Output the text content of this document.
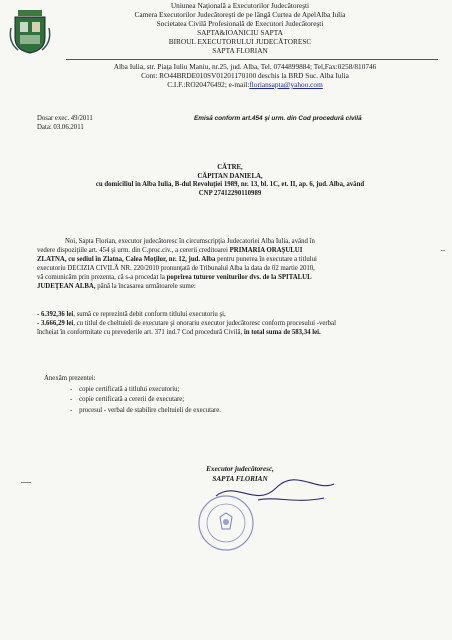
Uniunea Naţională a Executorilor Judecătoreşti
Camera Executorilor Judecătoreşti de pe lângă Curtea de ApelAlba Iulia
Societatea Civilă Profesională de Executori Judecătoreşti
SAPTA&IOANICIU SAPTA
BIROUL EXECUTORULUI JUDECĂTORESC
SAPTA FLORIAN
Alba Iulia, str. Piaţa Iuliu Maniu, nr.25, jud. Alba, Tel. 0744899884; Tel,Fax:0258/810746
Cont: RO44BRDE010SV01201170100 deschis la BRD Suc. Alba Iulia
C.I.F.:RO20476492; e-mail:floriansapta@yahoo.com
Dosar exec. 49/2011
Data: 03.06.2011
Emisă conform art.454 şi urm. din Cod procedură civilă
CĂTRE,
CĂPITAN DANIELA,
cu domiciliul în Alba Iulia, B-dul Revoluţiei 1989, nr. 13, bl. 1C, et. II, ap. 6, jud. Alba, având
CNP 27412290110989
Noi, Sapta Florian, executor judecătoresc în circumscripţia Judecatoriei Alba Iulia, având în
vedere dispoziţiile art. 454 şi urm. din C.proc.civ., a cererii creditoarei PRIMARIA ORAŞULUI
ZLATNA, cu sediul în Zlatna, Calea Moţilor, nr. 12, jud. Alba pentru punerea în executare a titlului
executoriu DECIZIA CIVILĂ NR. 220/2010 pronunţată de Tribunalul Alba la data de 02 martie 2010,
vă comunicăm prin prezenta, că s-a procedat la poprirea tuturor veniturilor dvs. de la SPITALUL
JUDEŢEAN ALBA, până la încasarea următoarele sume:
- 6.392,36 lei, sumă ce reprezintă debit conform titlului executoriu şi,
- 3.666,29 lei, cu titlul de cheltuieli de executare şi onorariu executor judecătoresc conform procesului -verbal
încheiat în conformitate cu prevederile art. 371 ind.7 Cod procedură Civilă, în total suma de 583,34 lei.
Anexăm prezentei:
-    copie certificată a titlului executoriu;
-    copie certificată a cererii de executare;
-    procesul - verbal de stabilire cheltuieli de executare.
Executor judecătoresc,
SAPTA FLORIAN
